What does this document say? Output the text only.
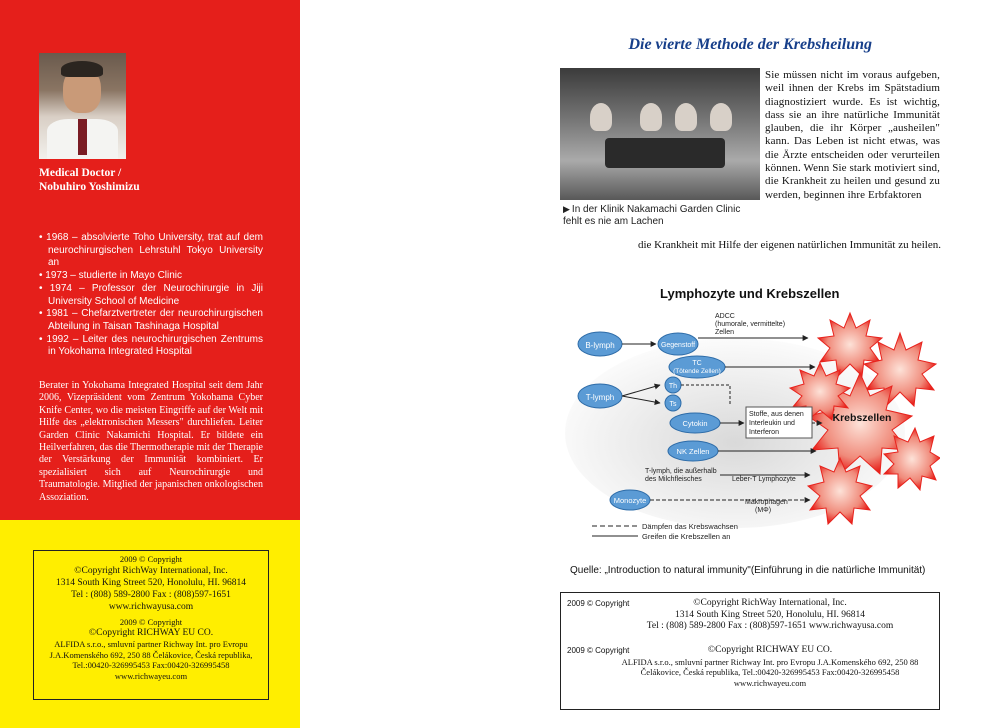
Medical Doctor /
Nobuhiro Yoshimizu
• 1968 – absolvierte Toho University, trat auf dem neurochirurgischen Lehrstuhl Tokyo University an
• 1973 – studierte in Mayo Clinic
• 1974 – Professor der Neurochirurgie in Jiji University School of Medicine
• 1981 – Chefarztvertreter der neurochirurgischen Abteilung in Taisan Tashinaga Hospital
• 1992 – Leiter des neurochirurgischen Zentrums in Yokohama Integrated Hospital
Berater in Yokohama Integrated Hospital seit dem Jahr 2006, Vizepräsident vom Zentrum Yokohama Cyber Knife Center, wo die meisten Eingriffe auf der Welt mit Hilfe des „elektronischen Messers" durchliefen. Leiter Garden Clinic Nakamichi Hospital. Er bildete ein Heilverfahren, das die Thermotherapie mit der Therapie der Verstärkung der Immunität kombiniert. Er spezialisiert sich auf Neurochirurgie und Traumatologie. Mitglied der japanischen onkologischen Assoziation.
2009 © Copyright
©Copyright RichWay International, Inc.
1314 South King Street 520, Honolulu, HI. 96814
Tel : (808) 589-2800 Fax : (808)597-1651
www.richwayusa.com
2009 © Copyright
©Copyright RICHWAY EU CO.
ALFIDA s.r.o., smluvní partner Richway Int. pro Evropu
J.A.Komenského 692, 250 88 Čelákovice, Česká republika,
Tel.:00420-326995453 Fax:00420-326995458
www.richwayeu.com
Die vierte Methode der Krebsheilung
▶ In der Klinik Nakamachi Garden Clinic fehlt es nie am Lachen
Sie müssen nicht im voraus aufgeben, weil ihnen der Krebs im Spätstadium diagnostiziert wurde. Es ist wichtig, dass sie an ihre natürliche Immunität glauben, die ihr Körper „ausheilen" kann. Das Leben ist nicht etwas, was die Ärzte entscheiden oder verurteilen können. Wenn Sie stark motiviert sind, die Krankheit zu heilen und gesund zu werden, beginnen ihre Erbfaktoren
die Krankheit mit Hilfe der eigenen natürlichen Immunität zu heilen.
Lymphozyte und Krebszellen
Krebszellen
B-lymph
T-lymph
Gegenstoff
TC
(Tötende Zellen)
Th
Ts
Cytokin
NK Zellen
Monozyte
ADCC
(humorale, vermittelte)
Zellen
Stoffe, aus denen
Interleukin und
Interferon
T-lymph, die außerhalb
des Milchfleisches	Leber-T Lymphozyte
Makrophagen
(MΦ)
Dämpfen das Krebswachsen
Greifen die Krebszellen an
Quelle: „Introduction to natural immunity"(Einführung in die natürliche Immunität)
2009 © Copyright	©Copyright RichWay International, Inc.
1314 South King Street 520, Honolulu, HI. 96814
Tel : (808) 589-2800 Fax : (808)597-1651 www.richwayusa.com
2009 © Copyright	©Copyright RICHWAY EU CO.
ALFIDA s.r.o., smluvní partner Richway Int. pro Evropu J.A.Komenského 692, 250 88
Čelákovice, Česká republika, Tel.:00420-326995453 Fax:00420-326995458
www.richwayeu.com
